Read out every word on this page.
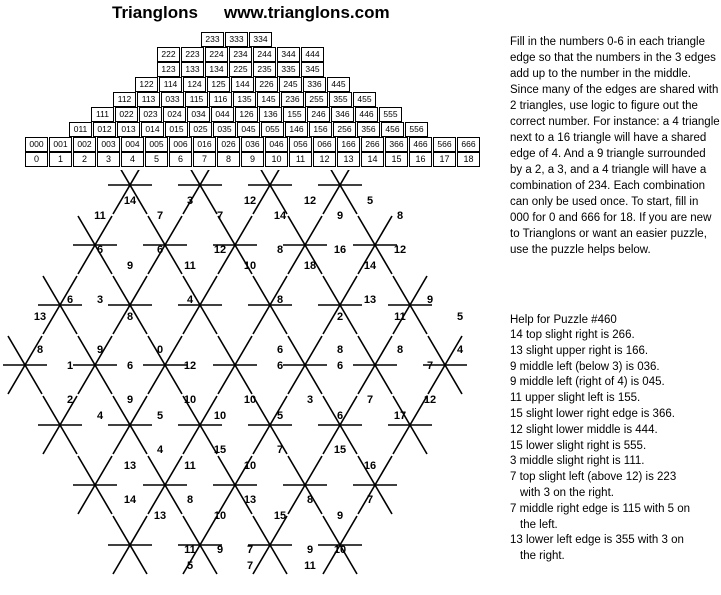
Trianglons www.trianglons.com
233	333	334
222	223	224	234	244	344	444
123	133	134	225	235	335	345
122	114	124	125	144	226	245	336	445
112	113	033	115	116	135	145	236	255	355	455
111	022	023	024	034	044	126	136	155	246	346	446	555
011	012	013	014	015	025	035	045	055	146	156	256	356	456	556
000	001	002	003	004	005	006	016	026	036	046	056	066	166	266	366	466	566	666
0	1	2	3	4	5	6	7	8	9	10	11	12	13	14	15	16	17	18
14	3	12	12	5
11	7	7	14	9	8
6	6	12	8	16	12
9	11	10	18	14
6 3	4	8	13	9
13	8	2	11	5
8	9	0	6	8	8	4
1	6	12	6	6	7
2	9	10	10	3	7	12
4	5	10	5	6	17
4	15	7	15
13	11	10	16
14	8	13	8	7
13	10	15	9
11 9 7	9 10
5	7	11
Fill in the numbers 0-6 in each triangle edge so that the numbers in the 3 edges add up to the number in the middle. Since many of the edges are shared with 2 triangles, use logic to figure out the correct number. For instance: a 4 triangle next to a 16 triangle will have a shared edge of 4. And a 9 triangle surrounded by a 2, a 3, and a 4 triangle will have a combination of 234. Each combination can only be used once. To start, fill in 000 for 0 and 666 for 18. If you are new to Trianglons or want an easier puzzle, use the puzzle helps below.
Help for Puzzle #460
14 top slight right is 266.
13 slight upper right is 166.
9 middle left (below 3) is 036.
9 middle left (right of 4) is 045.
11 upper slight left is 155.
15 slight lower right edge is 366.
12 slight lower middle is 444.
15 lower slight right is 555.
3 middle slight right is 111.
7 top slight left (above 12) is 223
with 3 on the right.
7 middle right edge is 115 with 5 on
the left.
13 lower left edge is 355 with 3 on
the right.
